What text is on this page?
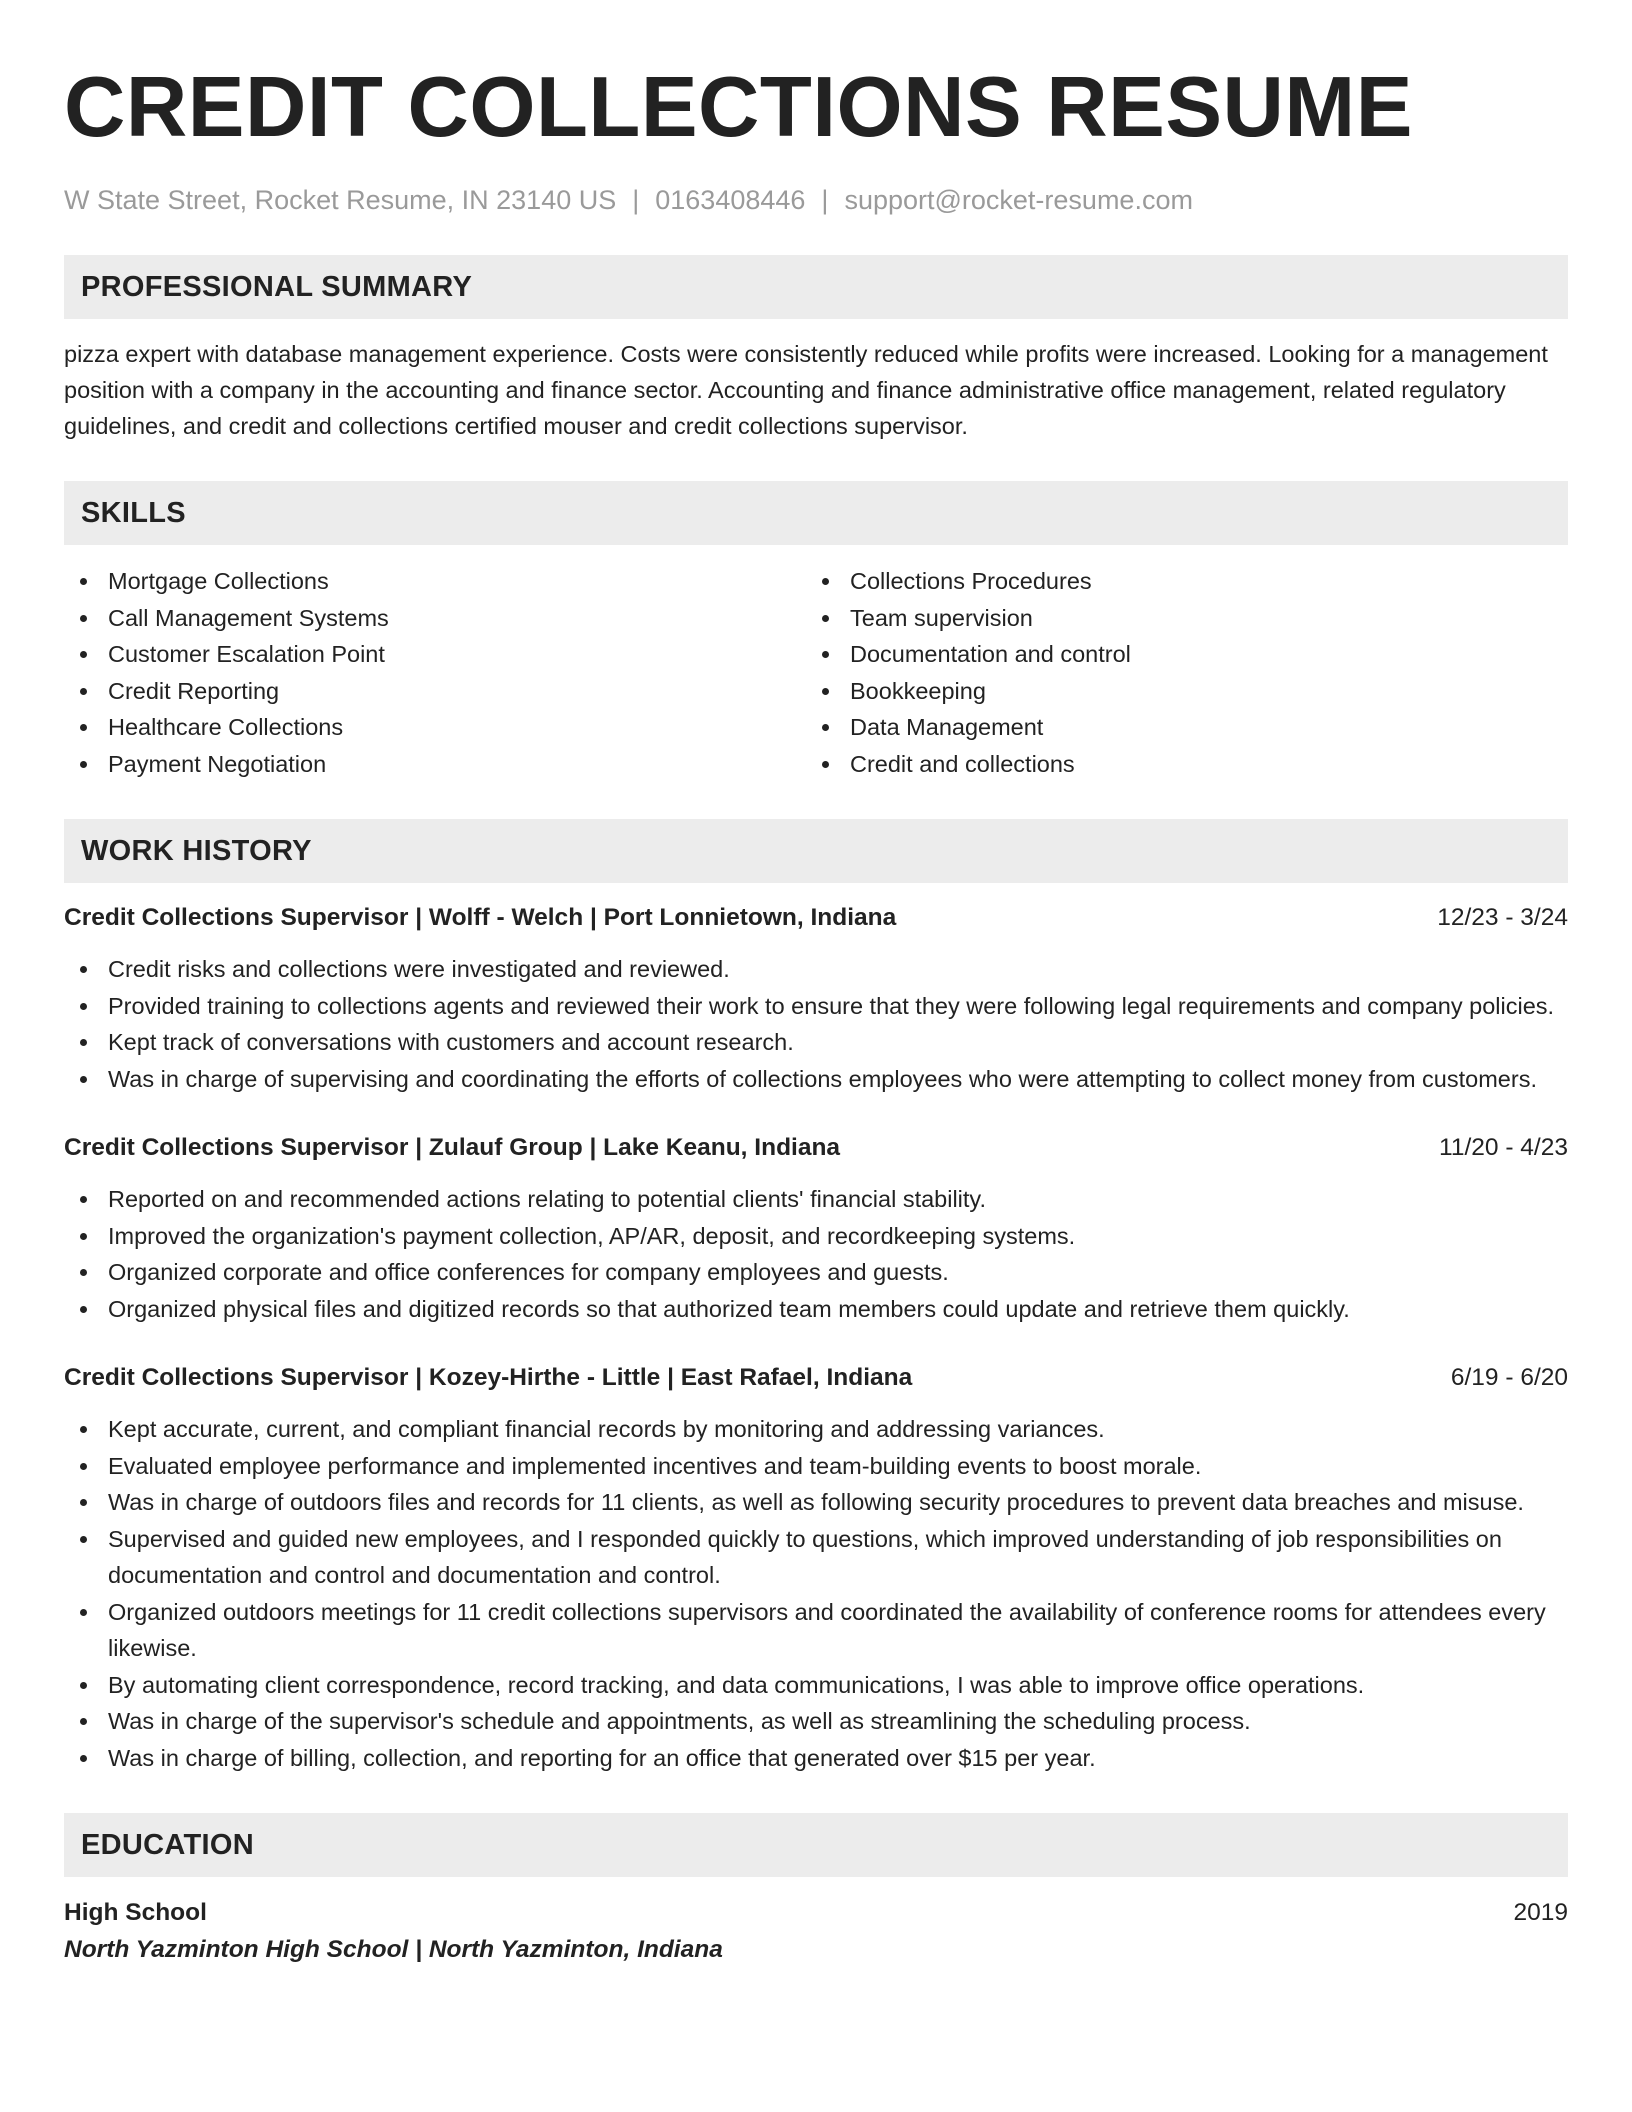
CREDIT COLLECTIONS RESUME
W State Street, Rocket Resume, IN 23140 US | 0163408446 | support@rocket-resume.com
PROFESSIONAL SUMMARY
pizza expert with database management experience. Costs were consistently reduced while profits were increased. Looking for a management position with a company in the accounting and finance sector. Accounting and finance administrative office management, related regulatory guidelines, and credit and collections certified mouser and credit collections supervisor.
SKILLS
Mortgage Collections
Call Management Systems
Customer Escalation Point
Credit Reporting
Healthcare Collections
Payment Negotiation
Collections Procedures
Team supervision
Documentation and control
Bookkeeping
Data Management
Credit and collections
WORK HISTORY
Credit Collections Supervisor | Wolff - Welch | Port Lonnietown, Indiana	12/23 - 3/24
Credit risks and collections were investigated and reviewed.
Provided training to collections agents and reviewed their work to ensure that they were following legal requirements and company policies.
Kept track of conversations with customers and account research.
Was in charge of supervising and coordinating the efforts of collections employees who were attempting to collect money from customers.
Credit Collections Supervisor | Zulauf Group | Lake Keanu, Indiana	11/20 - 4/23
Reported on and recommended actions relating to potential clients' financial stability.
Improved the organization's payment collection, AP/AR, deposit, and recordkeeping systems.
Organized corporate and office conferences for company employees and guests.
Organized physical files and digitized records so that authorized team members could update and retrieve them quickly.
Credit Collections Supervisor | Kozey-Hirthe - Little | East Rafael, Indiana	6/19 - 6/20
Kept accurate, current, and compliant financial records by monitoring and addressing variances.
Evaluated employee performance and implemented incentives and team-building events to boost morale.
Was in charge of outdoors files and records for 11 clients, as well as following security procedures to prevent data breaches and misuse.
Supervised and guided new employees, and I responded quickly to questions, which improved understanding of job responsibilities on documentation and control and documentation and control.
Organized outdoors meetings for 11 credit collections supervisors and coordinated the availability of conference rooms for attendees every likewise.
By automating client correspondence, record tracking, and data communications, I was able to improve office operations.
Was in charge of the supervisor's schedule and appointments, as well as streamlining the scheduling process.
Was in charge of billing, collection, and reporting for an office that generated over $15 per year.
EDUCATION
High School	2019
North Yazminton High School | North Yazminton, Indiana
